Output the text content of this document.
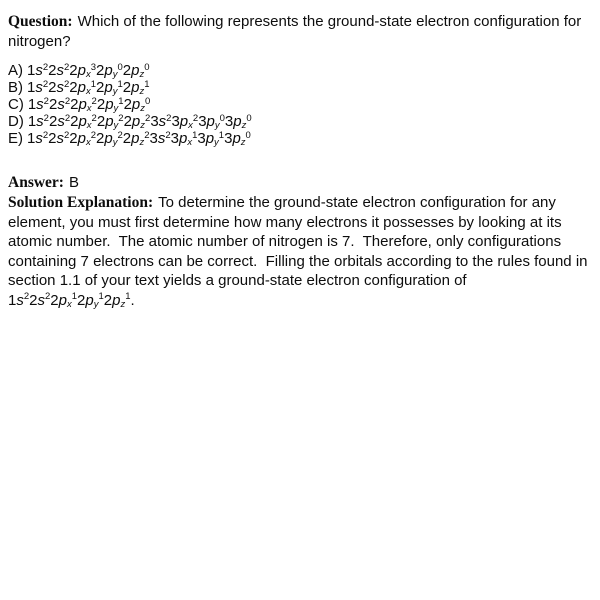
Question: Which of the following represents the ground-state electron configuration for nitrogen?

A) $1s^22s^22p_x^32p_y^02p_z^0$
B) $1s^22s^22p_x^12p_y^12p_z^1$
C) $1s^22s^22p_x^22p_y^12p_z^0$
D) $1s^22s^22p_x^22p_y^22p_z^23s^23p_x^23p_y^03p_z^0$
E) $1s^22s^22p_x^22p_y^22p_z^23s^23p_x^13p_y^13p_z^0$

Answer: B

Solution Explanation: To determine the ground-state electron configuration for any element, you must first determine how many electrons it possesses by looking at its atomic number.  The atomic number of nitrogen is 7.  Therefore, only configurations containing 7 electrons can be correct.  Filling the orbitals according to the rules found in section 1.1 of your text yields a ground-state electron configuration of $1s^22s^22p_x^12p_y^12p_z^1$.
